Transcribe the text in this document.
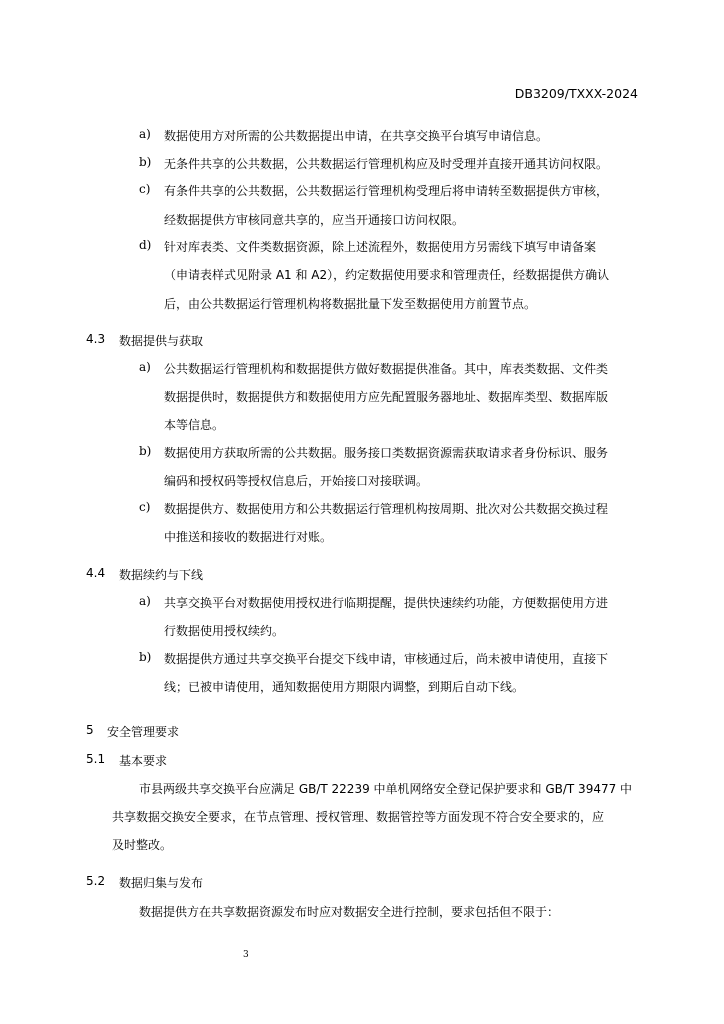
DB3209/TXXX-2024
a) 数据使用方对所需的公共数据提出申请，在共享交换平台填写申请信息。
b) 无条件共享的公共数据，公共数据运行管理机构应及时受理并直接开通其访问权限。
c) 有条件共享的公共数据，公共数据运行管理机构受理后将申请转至数据提供方审核，
经数据提供方审核同意共享的，应当开通接口访问权限。
d) 针对库表类、文件类数据资源，除上述流程外，数据使用方另需线下填写申请备案
（申请表样式见附录 A1 和 A2），约定数据使用要求和管理责任，经数据提供方确认
后，由公共数据运行管理机构将数据批量下发至数据使用方前置节点。
4.3 数据提供与获取
a) 公共数据运行管理机构和数据提供方做好数据提供准备。其中，库表类数据、文件类
数据提供时，数据提供方和数据使用方应先配置服务器地址、数据库类型、数据库版
本等信息。
b) 数据使用方获取所需的公共数据。服务接口类数据资源需获取请求者身份标识、服务
编码和授权码等授权信息后，开始接口对接联调。
c) 数据提供方、数据使用方和公共数据运行管理机构按周期、批次对公共数据交换过程
中推送和接收的数据进行对账。
4.4 数据续约与下线
a) 共享交换平台对数据使用授权进行临期提醒，提供快速续约功能，方便数据使用方进
行数据使用授权续约。
b) 数据提供方通过共享交换平台提交下线申请，审核通过后，尚未被申请使用，直接下
线；已被申请使用，通知数据使用方期限内调整，到期后自动下线。
5 安全管理要求
5.1 基本要求
市县两级共享交换平台应满足 GB/T 22239 中单机网络安全登记保护要求和 GB/T 39477 中
共享数据交换安全要求，在节点管理、授权管理、数据管控等方面发现不符合安全要求的，应
及时整改。
5.2 数据归集与发布
数据提供方在共享数据资源发布时应对数据安全进行控制，要求包括但不限于：
3
